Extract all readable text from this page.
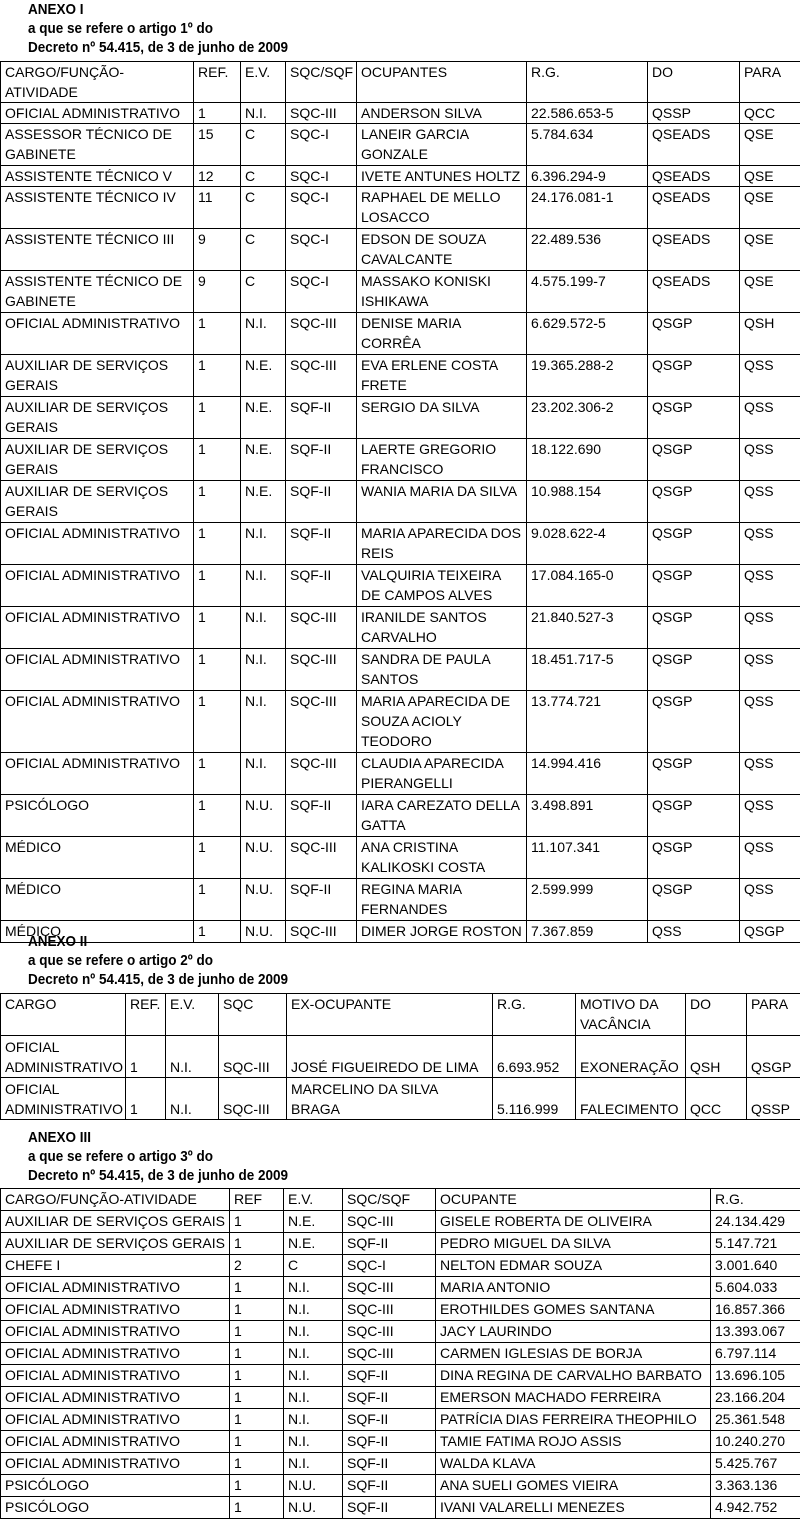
ANEXO I
a que se refere o artigo 1º do
Decreto nº 54.415, de 3 de junho de 2009
CARGO/FUNÇÃO-ATIVIDADE	REF.	E.V.	SQC/SQF	OCUPANTES	R.G.	DO	PARA
OFICIAL ADMINISTRATIVO	1	N.I.	SQC-III	ANDERSON SILVA	22.586.653-5	QSSP	QCC
ASSESSOR TÉCNICO DE GABINETE	15	C	SQC-I	LANEIR GARCIA GONZALE	5.784.634	QSEADS	QSE
ASSISTENTE TÉCNICO V	12	C	SQC-I	IVETE ANTUNES HOLTZ	6.396.294-9	QSEADS	QSE
ASSISTENTE TÉCNICO IV	11	C	SQC-I	RAPHAEL DE MELLO LOSACCO	24.176.081-1	QSEADS	QSE
ASSISTENTE TÉCNICO III	9	C	SQC-I	EDSON DE SOUZA CAVALCANTE	22.489.536	QSEADS	QSE
ASSISTENTE TÉCNICO DE GABINETE	9	C	SQC-I	MASSAKO KONISKI ISHIKAWA	4.575.199-7	QSEADS	QSE
OFICIAL ADMINISTRATIVO	1	N.I.	SQC-III	DENISE MARIA CORRÊA	6.629.572-5	QSGP	QSH
AUXILIAR DE SERVIÇOS GERAIS	1	N.E.	SQC-III	EVA ERLENE COSTA FRETE	19.365.288-2	QSGP	QSS
AUXILIAR DE SERVIÇOS GERAIS	1	N.E.	SQF-II	SERGIO DA SILVA	23.202.306-2	QSGP	QSS
AUXILIAR DE SERVIÇOS GERAIS	1	N.E.	SQF-II	LAERTE GREGORIO FRANCISCO	18.122.690	QSGP	QSS
AUXILIAR DE SERVIÇOS GERAIS	1	N.E.	SQF-II	WANIA MARIA DA SILVA	10.988.154	QSGP	QSS
OFICIAL ADMINISTRATIVO	1	N.I.	SQF-II	MARIA APARECIDA DOS REIS	9.028.622-4	QSGP	QSS
OFICIAL ADMINISTRATIVO	1	N.I.	SQF-II	VALQUIRIA TEIXEIRA DE CAMPOS ALVES	17.084.165-0	QSGP	QSS
OFICIAL ADMINISTRATIVO	1	N.I.	SQC-III	IRANILDE SANTOS CARVALHO	21.840.527-3	QSGP	QSS
OFICIAL ADMINISTRATIVO	1	N.I.	SQC-III	SANDRA DE PAULA SANTOS	18.451.717-5	QSGP	QSS
OFICIAL ADMINISTRATIVO	1	N.I.	SQC-III	MARIA APARECIDA DE SOUZA ACIOLY TEODORO	13.774.721	QSGP	QSS
OFICIAL ADMINISTRATIVO	1	N.I.	SQC-III	CLAUDIA APARECIDA PIERANGELLI	14.994.416	QSGP	QSS
PSICÓLOGO	1	N.U.	SQF-II	IARA CAREZATO DELLA GATTA	3.498.891	QSGP	QSS
MÉDICO	1	N.U.	SQC-III	ANA CRISTINA KALIKOSKI COSTA	11.107.341	QSGP	QSS
MÉDICO	1	N.U.	SQF-II	REGINA MARIA FERNANDES	2.599.999	QSGP	QSS
MÉDICO	1	N.U.	SQC-III	DIMER JORGE ROSTON	7.367.859	QSS	QSGP
ANEXO II
a que se refere o artigo 2º do
Decreto nº 54.415, de 3 de junho de 2009
CARGO	REF.	E.V.	SQC	EX-OCUPANTE	R.G.	MOTIVO DA VACÂNCIA	DO	PARA
OFICIAL ADMINISTRATIVO	1	N.I.	SQC-III	JOSÉ FIGUEIREDO DE LIMA	6.693.952	EXONERAÇÃO	QSH	QSGP
OFICIAL ADMINISTRATIVO	1	N.I.	SQC-III	MARCELINO DA SILVA BRAGA	5.116.999	FALECIMENTO	QCC	QSSP
ANEXO III
a que se refere o artigo 3º do
Decreto nº 54.415, de 3 de junho de 2009
CARGO/FUNÇÃO-ATIVIDADE	REF	E.V.	SQC/SQF	OCUPANTE	R.G.
AUXILIAR DE SERVIÇOS GERAIS	1	N.E.	SQC-III	GISELE ROBERTA DE OLIVEIRA	24.134.429
AUXILIAR DE SERVIÇOS GERAIS	1	N.E.	SQF-II	PEDRO MIGUEL DA SILVA	5.147.721
CHEFE I	2	C	SQC-I	NELTON EDMAR SOUZA	3.001.640
OFICIAL ADMINISTRATIVO	1	N.I.	SQC-III	MARIA ANTONIO	5.604.033
OFICIAL ADMINISTRATIVO	1	N.I.	SQC-III	EROTHILDES GOMES SANTANA	16.857.366
OFICIAL ADMINISTRATIVO	1	N.I.	SQC-III	JACY LAURINDO	13.393.067
OFICIAL ADMINISTRATIVO	1	N.I.	SQC-III	CARMEN IGLESIAS DE BORJA	6.797.114
OFICIAL ADMINISTRATIVO	1	N.I.	SQF-II	DINA REGINA DE CARVALHO BARBATO	13.696.105
OFICIAL ADMINISTRATIVO	1	N.I.	SQF-II	EMERSON MACHADO FERREIRA	23.166.204
OFICIAL ADMINISTRATIVO	1	N.I.	SQF-II	PATRÍCIA DIAS FERREIRA THEOPHILO	25.361.548
OFICIAL ADMINISTRATIVO	1	N.I.	SQF-II	TAMIE FATIMA ROJO ASSIS	10.240.270
OFICIAL ADMINISTRATIVO	1	N.I.	SQF-II	WALDA KLAVA	5.425.767
PSICÓLOGO	1	N.U.	SQF-II	ANA SUELI GOMES VIEIRA	3.363.136
PSICÓLOGO	1	N.U.	SQF-II	IVANI VALARELLI MENEZES	4.942.752
